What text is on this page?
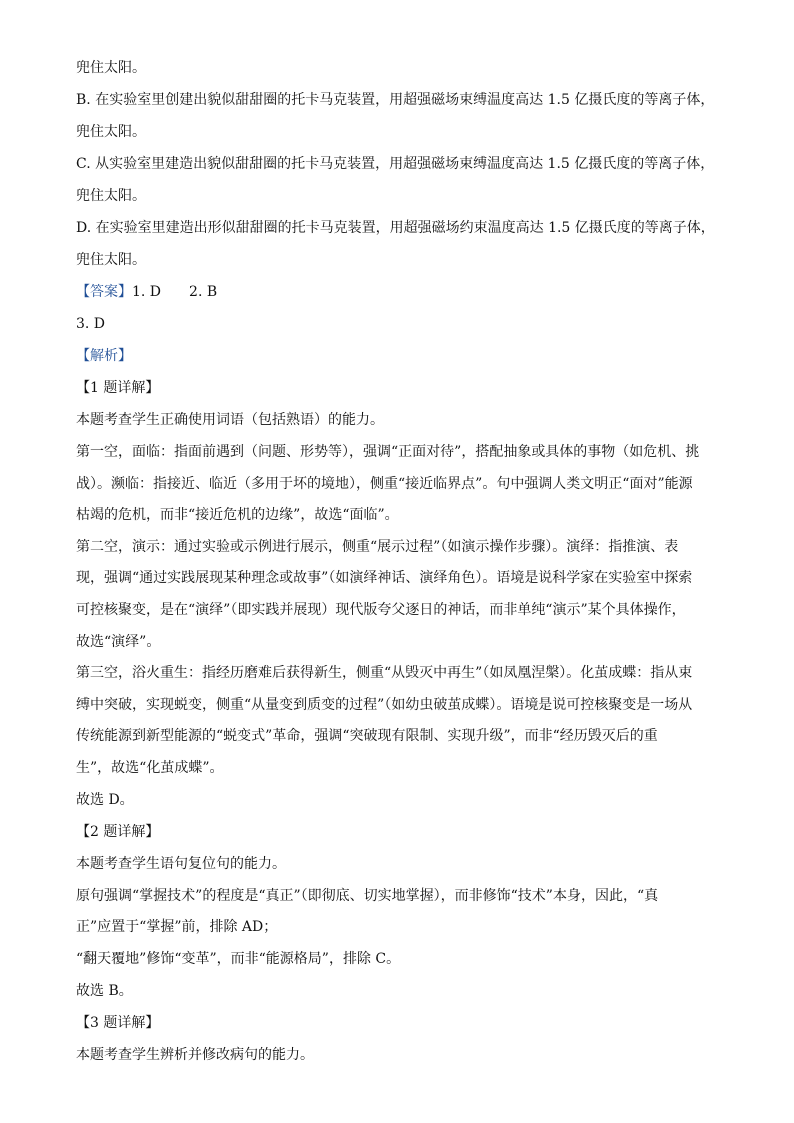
兜住太阳。
B. 在实验室里创建出貌似甜甜圈的托卡马克装置，用超强磁场束缚温度高达 1.5 亿摄氏度的等离子体，
兜住太阳。
C. 从实验室里建造出貌似甜甜圈的托卡马克装置，用超强磁场束缚温度高达 1.5 亿摄氏度的等离子体，
兜住太阳。
D. 在实验室里建造出形似甜甜圈的托卡马克装置，用超强磁场约束温度高达 1.5 亿摄氏度的等离子体，
兜住太阳。
【答案】1. D 2. B
3. D
【解析】
【1 题详解】
本题考查学生正确使用词语（包括熟语）的能力。
第一空，面临：指面前遇到（问题、形势等），强调“正面对待”，搭配抽象或具体的事物（如危机、挑
战）。濒临：指接近、临近（多用于坏的境地），侧重“接近临界点”。句中强调人类文明正“面对”能源
枯竭的危机，而非“接近危机的边缘”，故选“面临”。
第二空，演示：通过实验或示例进行展示，侧重“展示过程”（如演示操作步骤）。演绎：指推演、表
现，强调“通过实践展现某种理念或故事”（如演绎神话、演绎角色）。语境是说科学家在实验室中探索
可控核聚变，是在“演绎”（即实践并展现）现代版夸父逐日的神话，而非单纯“演示”某个具体操作，
故选“演绎”。
第三空，浴火重生：指经历磨难后获得新生，侧重“从毁灭中再生”（如凤凰涅槃）。化茧成蝶：指从束
缚中突破，实现蜕变，侧重“从量变到质变的过程”（如幼虫破茧成蝶）。语境是说可控核聚变是一场从
传统能源到新型能源的“蜕变式”革命，强调“突破现有限制、实现升级”，而非“经历毁灭后的重
生”，故选“化茧成蝶”。
故选 D。
【2 题详解】
本题考查学生语句复位句的能力。
原句强调“掌握技术”的程度是“真正”（即彻底、切实地掌握），而非修饰“技术”本身，因此，“真
正”应置于“掌握”前，排除 AD；
“翻天覆地”修饰“变革”，而非“能源格局”，排除 C。
故选 B。
【3 题详解】
本题考查学生辨析并修改病句的能力。
